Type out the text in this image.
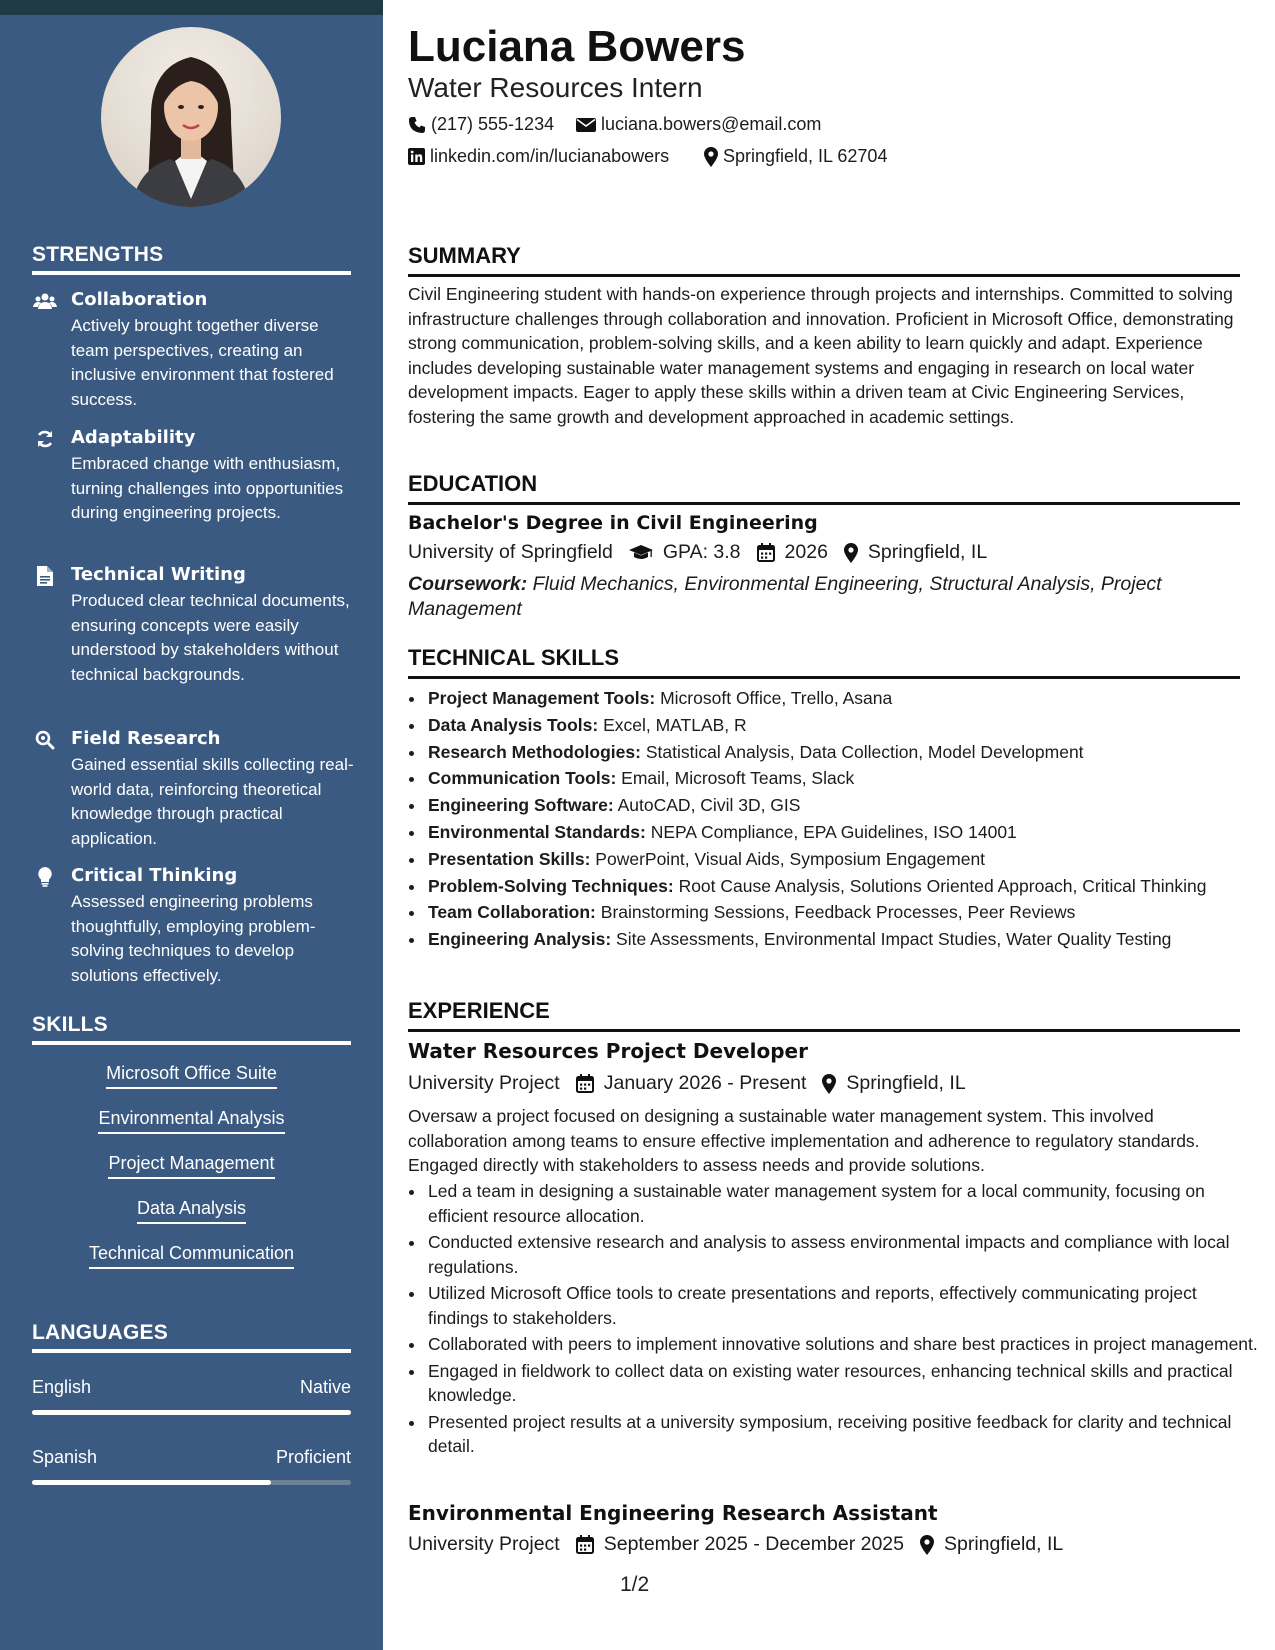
STRENGTHS
Collaboration
Actively brought together diverse team perspectives, creating an inclusive environment that fostered success.
Adaptability
Embraced change with enthusiasm, turning challenges into opportunities during engineering projects.
Technical Writing
Produced clear technical documents, ensuring concepts were easily understood by stakeholders without technical backgrounds.
Field Research
Gained essential skills collecting real-world data, reinforcing theoretical knowledge through practical application.
Critical Thinking
Assessed engineering problems thoughtfully, employing problem-solving techniques to develop solutions effectively.
SKILLS
Microsoft Office Suite
Environmental Analysis
Project Management
Data Analysis
Technical Communication
LANGUAGES
English	Native
Spanish	Proficient
Luciana Bowers
Water Resources Intern
(217) 555-1234	luciana.bowers@email.com
linkedin.com/in/lucianabowers	Springfield, IL 62704
SUMMARY

Civil Engineering student with hands-on experience through projects and internships. Committed to solving infrastructure challenges through collaboration and innovation. Proficient in Microsoft Office, demonstrating strong communication, problem-solving skills, and a keen ability to learn quickly and adapt. Experience includes developing sustainable water management systems and engaging in research on local water development impacts. Eager to apply these skills within a driven team at Civic Engineering Services, fostering the same growth and development approached in academic settings.

EDUCATION
Bachelor's Degree in Civil Engineering
University of Springfield	GPA: 3.8 2026 Springfield, IL

Coursework: Fluid Mechanics, Environmental Engineering, Structural Analysis, Project Management

TECHNICAL SKILLS
• Project Management Tools: Microsoft Office, Trello, Asana
• Data Analysis Tools: Excel, MATLAB, R
• Research Methodologies: Statistical Analysis, Data Collection, Model Development
• Communication Tools: Email, Microsoft Teams, Slack
• Engineering Software: AutoCAD, Civil 3D, GIS
• Environmental Standards: NEPA Compliance, EPA Guidelines, ISO 14001
• Presentation Skills: PowerPoint, Visual Aids, Symposium Engagement
• Problem-Solving Techniques: Root Cause Analysis, Solutions Oriented Approach, Critical Thinking
• Team Collaboration: Brainstorming Sessions, Feedback Processes, Peer Reviews
• Engineering Analysis: Site Assessments, Environmental Impact Studies, Water Quality Testing
EXPERIENCE
Water Resources Project Developer
University Project January 2026 - Present Springfield, IL

Oversaw a project focused on designing a sustainable water management system. This involved collaboration among teams to ensure effective implementation and adherence to regulatory standards. Engaged directly with stakeholders to assess needs and provide solutions.

• Led a team in designing a sustainable water management system for a local community, focusing on efficient resource allocation.
• Conducted extensive research and analysis to assess environmental impacts and compliance with local regulations.
• Utilized Microsoft Office tools to create presentations and reports, effectively communicating project findings to stakeholders.
• Collaborated with peers to implement innovative solutions and share best practices in project management.
• Engaged in fieldwork to collect data on existing water resources, enhancing technical skills and practical knowledge.
• Presented project results at a university symposium, receiving positive feedback for clarity and technical detail.
Environmental Engineering Research Assistant
University Project September 2025 - December 2025 Springfield, IL
1/2
